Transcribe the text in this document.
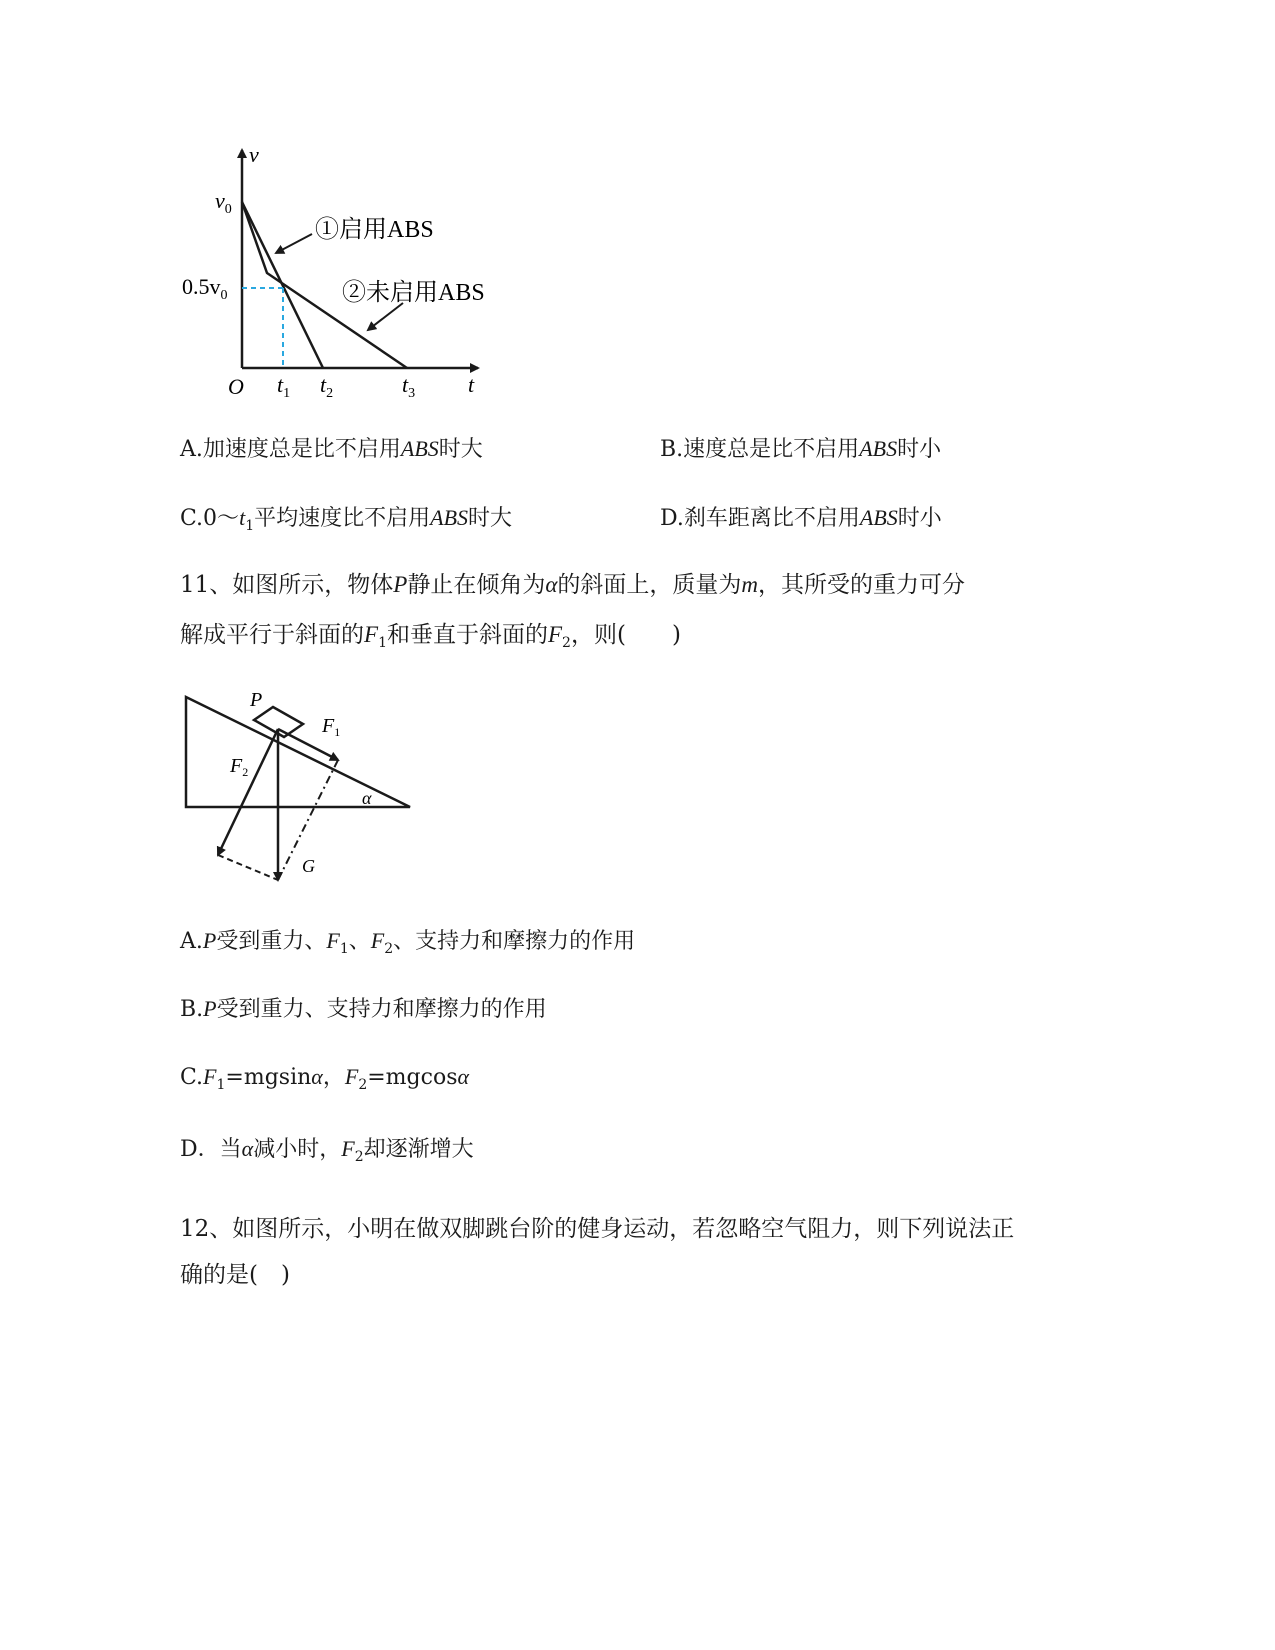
v
t
O
$v_0$
$0.5v_0$
$t_1$ $t_2$	$t_3$
①启用ABS
②未启用ABS
A.加速度总是比不启用ABS时大	B.速度总是比不启用ABS时小
$C.0\sim t_1$平均速度比不启用ABS时大	D.刹车距离比不启用ABS时小
11、如图所示，物体P静止在倾角为α的斜面上，质量为m，其所受的重力可分
解成平行于斜面的$F_1$和垂直于斜面的$F_2$，则(　　)
P
$F_1$
$F_2$
α
G
A.P受到重力、$F_1$、$F_2$、支持力和摩擦力的作用
B.P受到重力、支持力和摩擦力的作用
$C.F_1=mgsin\alpha$，$F_2=mgcos\alpha$
D．当α减小时，$F_2$却逐渐增大
12、如图所示，小明在做双脚跳台阶的健身运动，若忽略空气阻力，则下列说法正
确的是(　)
